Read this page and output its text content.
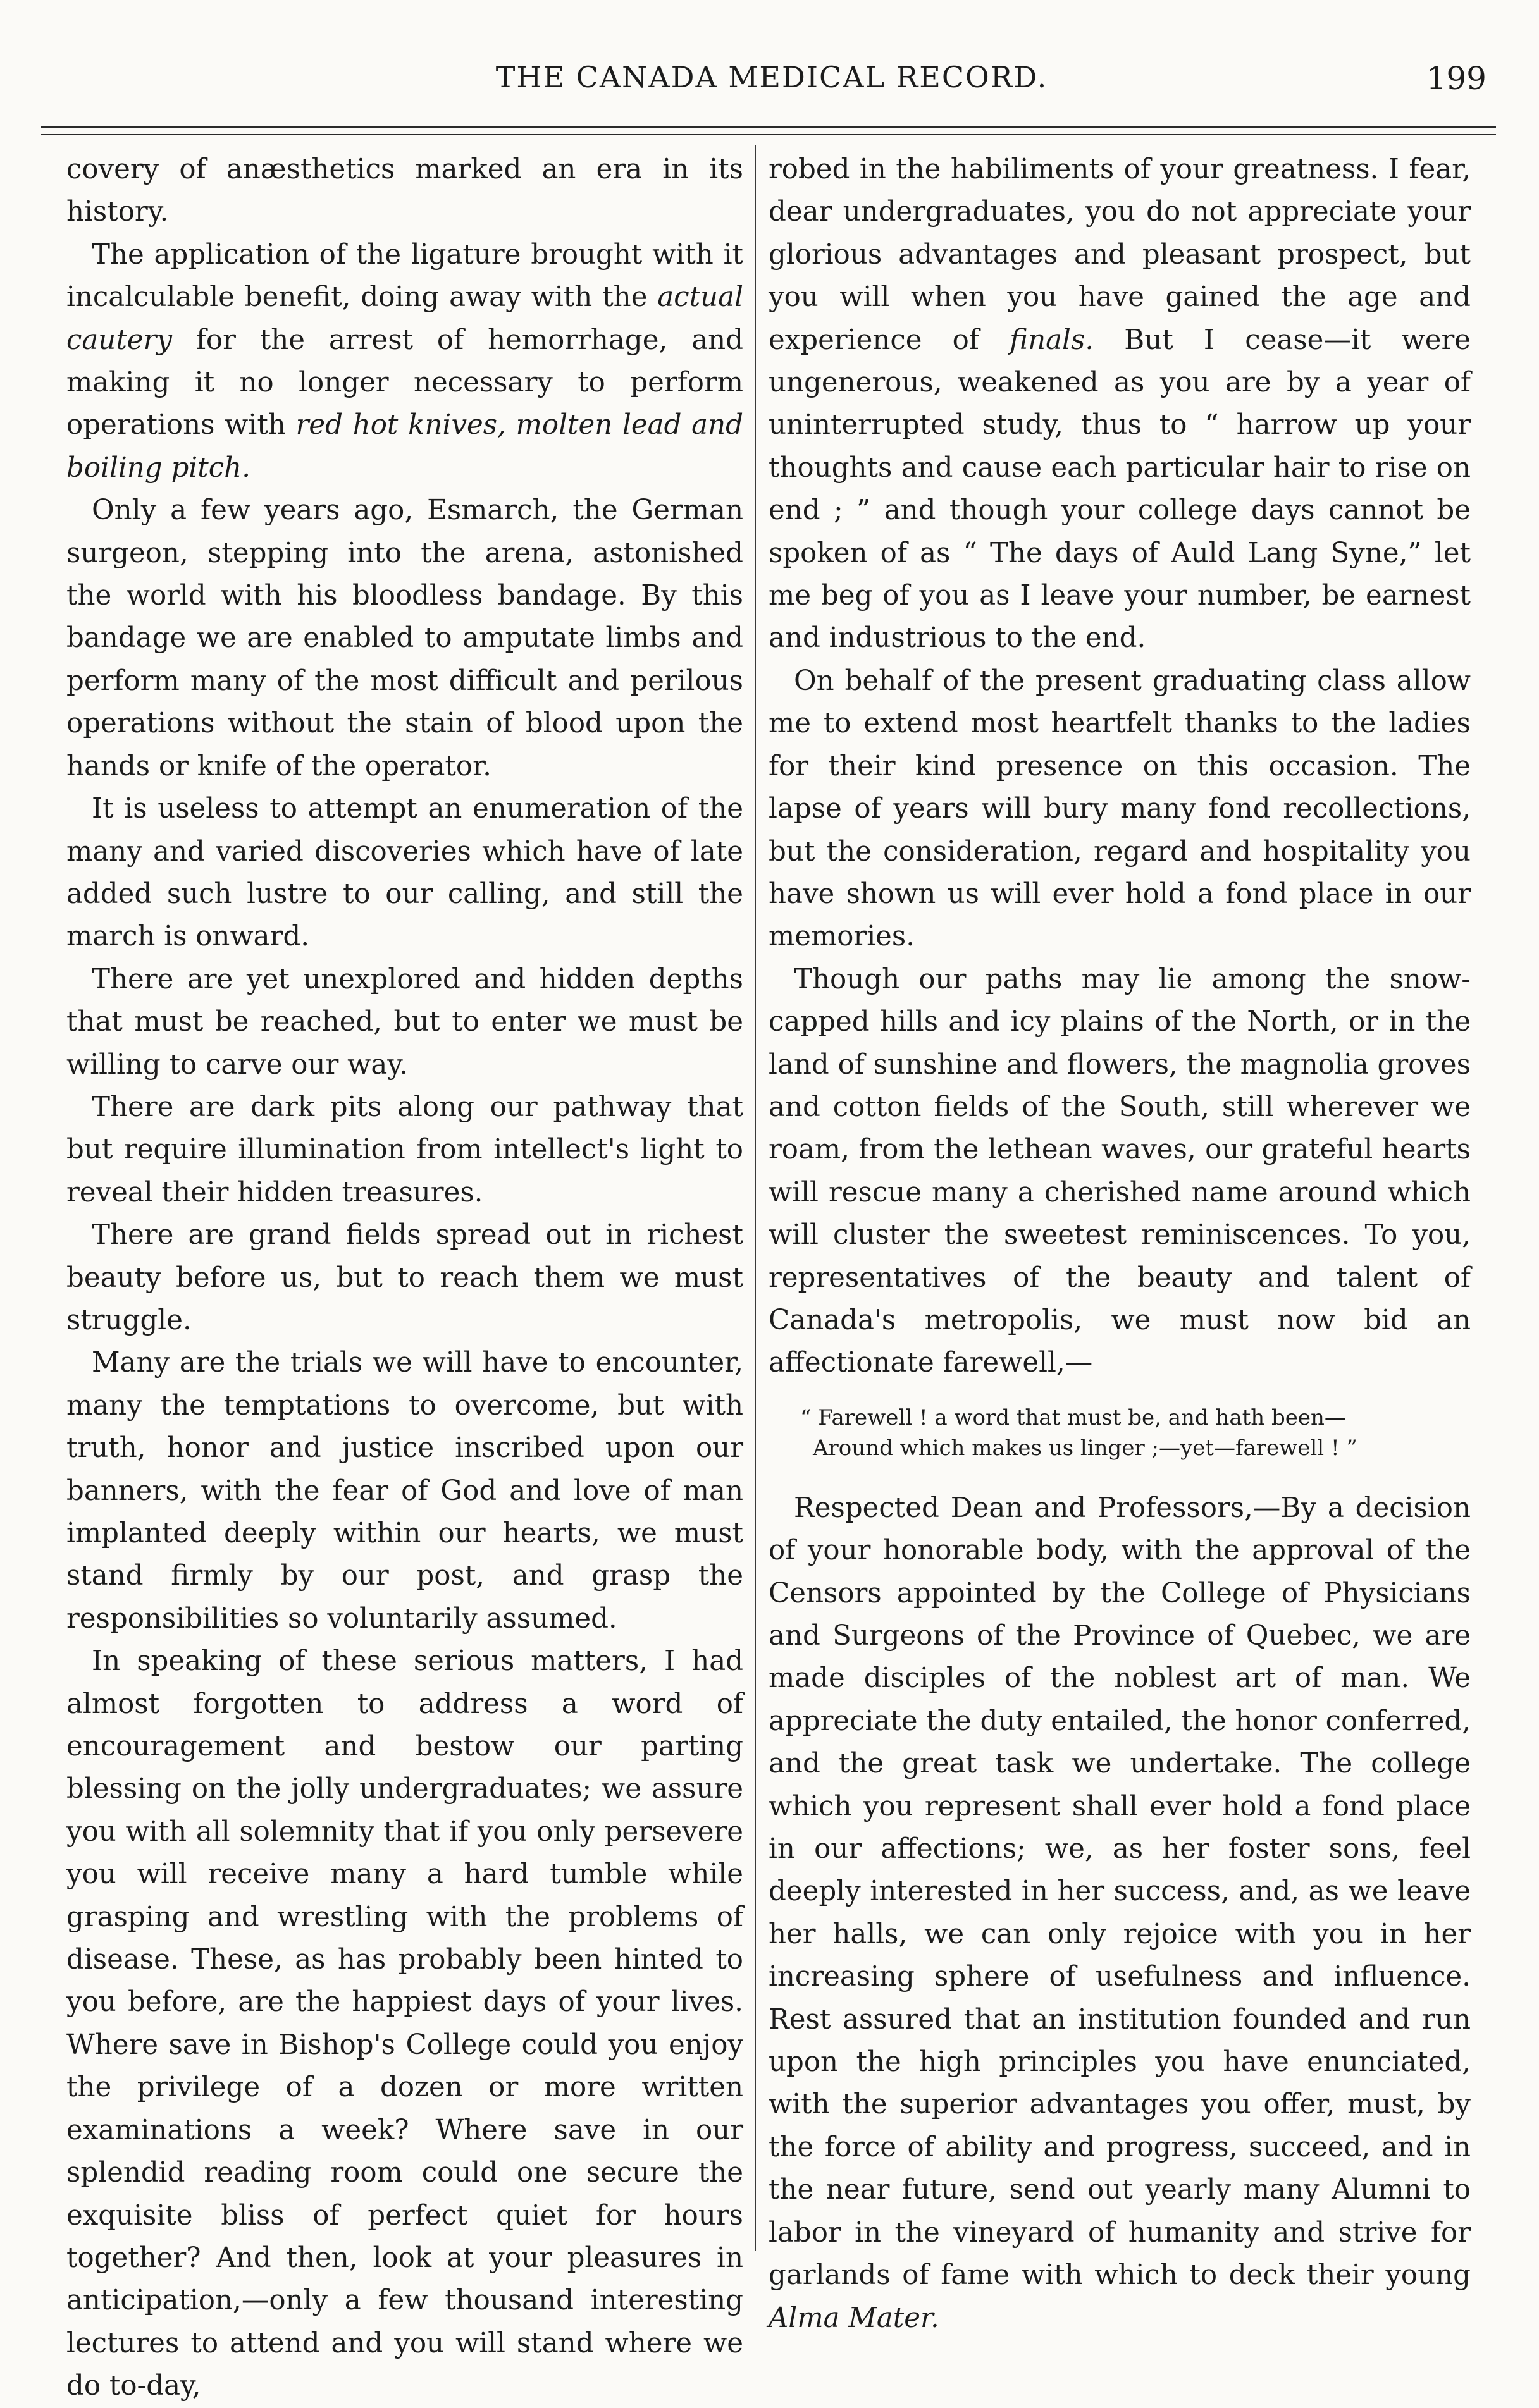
THE CANADA MEDICAL RECORD.	199

covery of anæsthetics marked an era in its history.

The application of the ligature brought with it incalculable benefit, doing away with the actual cautery for the arrest of hemorrhage, and making it no longer necessary to perform operations with red hot knives, molten lead and boiling pitch.

Only a few years ago, Esmarch, the German surgeon, stepping into the arena, astonished the world with his bloodless bandage. By this bandage we are enabled to amputate limbs and perform many of the most difficult and perilous operations without the stain of blood upon the hands or knife of the operator.

It is useless to attempt an enumeration of the many and varied discoveries which have of late added such lustre to our calling, and still the march is onward.

There are yet unexplored and hidden depths that must be reached, but to enter we must be willing to carve our way.

There are dark pits along our pathway that but require illumination from intellect's light to reveal their hidden treasures.

There are grand fields spread out in richest beauty before us, but to reach them we must struggle.

Many are the trials we will have to encounter, many the temptations to overcome, but with truth, honor and justice inscribed upon our banners, with the fear of God and love of man implanted deeply within our hearts, we must stand firmly by our post, and grasp the responsibilities so voluntarily assumed.

In speaking of these serious matters, I had almost forgotten to address a word of encouragement and bestow our parting blessing on the jolly undergraduates; we assure you with all solemnity that if you only persevere you will receive many a hard tumble while grasping and wrestling with the problems of disease. These, as has probably been hinted to you before, are the happiest days of your lives. Where save in Bishop's College could you enjoy the privilege of a dozen or more written examinations a week? Where save in our splendid reading room could one secure the exquisite bliss of perfect quiet for hours together? And then, look at your pleasures in anticipation,—only a few thousand interesting lectures to attend and you will stand where we do to-day,

robed in the habiliments of your greatness. I fear, dear undergraduates, you do not appreciate your glorious advantages and pleasant prospect, but you will when you have gained the age and experience of finals. But I cease—it were ungenerous, weakened as you are by a year of uninterrupted study, thus to “ harrow up your thoughts and cause each particular hair to rise on end ; ” and though your college days cannot be spoken of as “ The days of Auld Lang Syne,” let me beg of you as I leave your number, be earnest and industrious to the end.

On behalf of the present graduating class allow me to extend most heartfelt thanks to the ladies for their kind presence on this occasion. The lapse of years will bury many fond recollections, but the consideration, regard and hospitality you have shown us will ever hold a fond place in our memories.

Though our paths may lie among the snow-capped hills and icy plains of the North, or in the land of sunshine and flowers, the magnolia groves and cotton fields of the South, still wherever we roam, from the lethean waves, our grateful hearts will rescue many a cherished name around which will cluster the sweetest reminiscences. To you, representatives of the beauty and talent of Canada's metropolis, we must now bid an affectionate farewell,—

“ Farewell ! a word that must be, and hath been—
Around which makes us linger ;—yet—farewell ! ”

Respected Dean and Professors,—By a decision of your honorable body, with the approval of the Censors appointed by the College of Physicians and Surgeons of the Province of Quebec, we are made disciples of the noblest art of man. We appreciate the duty entailed, the honor conferred, and the great task we undertake. The college which you represent shall ever hold a fond place in our affections; we, as her foster sons, feel deeply interested in her success, and, as we leave her halls, we can only rejoice with you in her increasing sphere of usefulness and influence. Rest assured that an institution founded and run upon the high principles you have enunciated, with the superior advantages you offer, must, by the force of ability and progress, succeed, and in the near future, send out yearly many Alumni to labor in the vineyard of humanity and strive for garlands of fame with which to deck their young Alma Mater.
